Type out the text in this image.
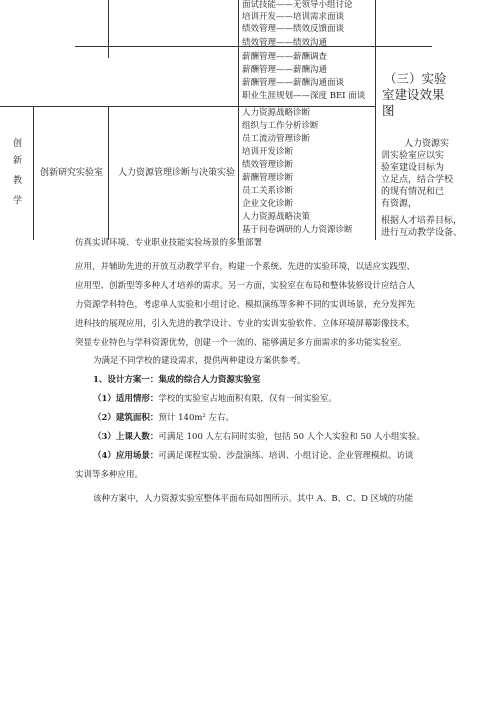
面试技能——无领导小组讨论
培训开发——培训需求面谈
绩效管理——绩效反馈面谈
绩效管理——绩效沟通
薪酬管理——薪酬调查
薪酬管理——薪酬沟通
薪酬管理——薪酬沟通面谈
职业生涯规划——深度 BEI 面谈
创
新
教
学
创新研究实验室 人力资源管理诊断与决策实验
人力资源战略诊断
组织与工作分析诊断
员工流动管理诊断
培训开发诊断
绩效管理诊断
薪酬管理诊断
员工关系诊断
企业文化诊断
人力资源战略决策
基于问卷调研的人力资源诊断
（三）实验
室建设效果
图
人力资源实
训实验室应以实
验室建设目标为
立足点，结合学校
的现有情况和已
有资源，
根据人才培养目标，
进行互动教学设备、
仿真实训环境、专业职业技能实验场景的多重部署
应用，并辅助先进的开放互动教学平台，构建一个系统、先进的实验环境，以适应实践型、
应用型、创新型等多种人才培养的需求。另一方面，实验室在布局和整体装修设计应结合人
力资源学科特色，考虑单人实验和小组讨论、模拟演练等多种不同的实训场景，充分发挥先
进科技的展现应用，引入先进的教学设计、专业的实训实验软件、立体环境屏幕影像技术，
突显专业特色与学科资源优势，创建一个一流的、能够满足多方面需求的多功能实验室。
为满足不同学校的建设需求，提供两种建设方案供参考。
1、设计方案一：集成的综合人力资源实验室
（1）适用情形：学校的实验室占地面积有限，仅有一间实验室。
（2）建筑面积：预计 140m² 左右。
（3）上课人数：可满足 100 人左右同时实验，包括 50 人个人实验和 50 人小组实验。
（4）应用场景：可满足课程实验、沙盘演练、培训、小组讨论、企业管理模拟、访谈
实训等多种应用。
该种方案中，人力资源实验室整体平面布局如图所示。其中 A、B、C、D 区域的功能
